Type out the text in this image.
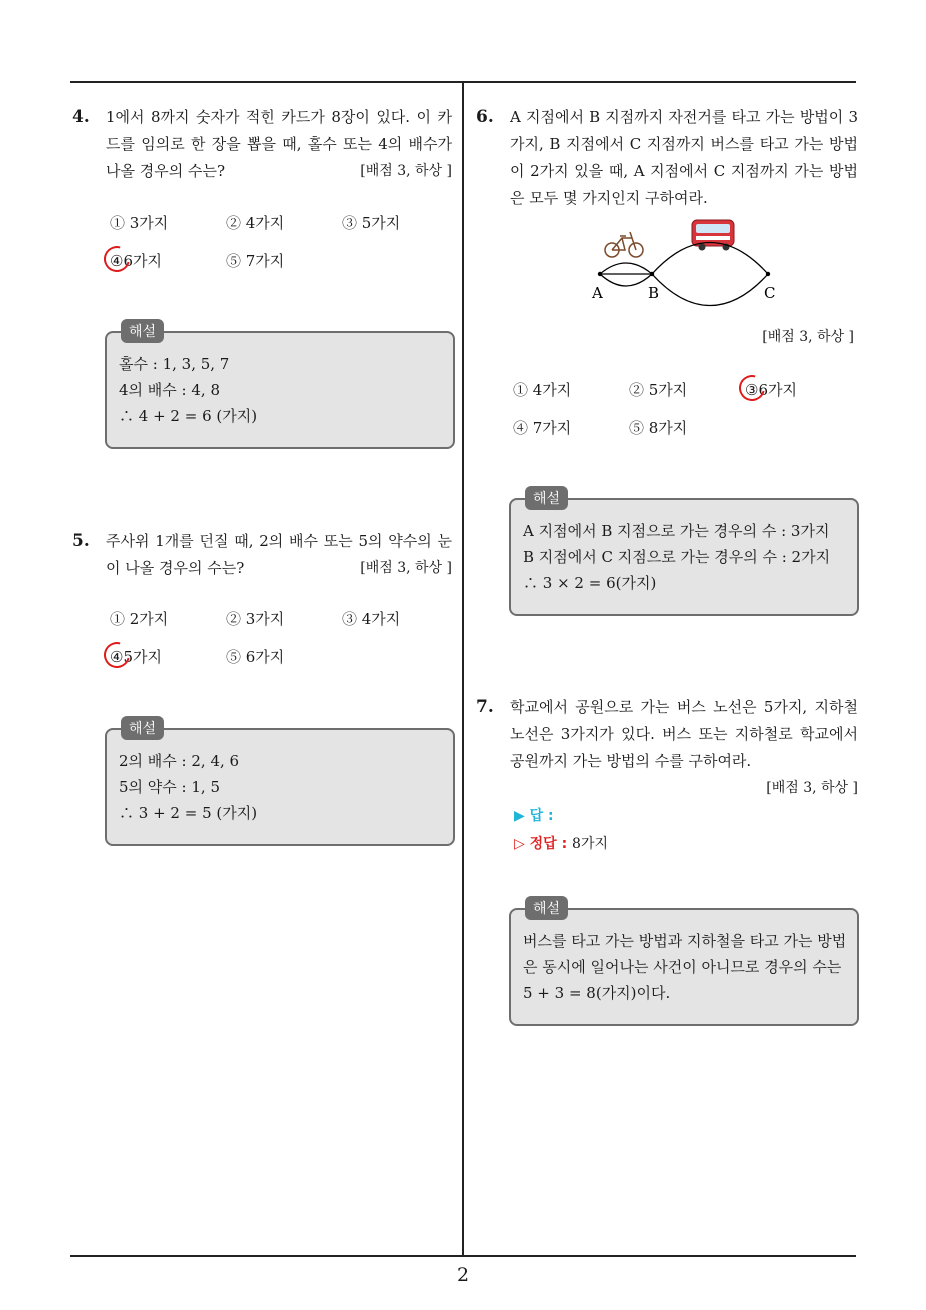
2
4. 1에서 8까지 숫자가 적힌 카드가 8장이 있다. 이 카드를 임의로 한 장을 뽑을 때, 홀수 또는 4의 배수가 나올 경우의 수는?	[배점 3, 하상 ]
① 3가지	② 4가지	③ 5가지
④6가지	⑤ 7가지
해설
홀수 : 1, 3, 5, 7
4의 배수 : 4, 8
∴ 4 + 2 = 6 (가지)
5. 주사위 1개를 던질 때, 2의 배수 또는 5의 약수의 눈이 나올 경우의 수는?	[배점 3, 하상 ]
① 2가지	② 3가지	③ 4가지
④5가지	⑤ 6가지
해설
2의 배수 : 2, 4, 6
5의 약수 : 1, 5
∴ 3 + 2 = 5 (가지)
6. A 지점에서 B 지점까지 자전거를 타고 가는 방법이 3가지, B 지점에서 C 지점까지 버스를 타고 가는 방법이 2가지 있을 때, A 지점에서 C 지점까지 가는 방법은 모두 몇 가지인지 구하여라.
A	B	C
[배점 3, 하상 ]
① 4가지	② 5가지	③6가지
④ 7가지	⑤ 8가지
해설
A 지점에서 B 지점으로 가는 경우의 수 : 3가지
B 지점에서 C 지점으로 가는 경우의 수 : 2가지
∴ 3 × 2 = 6(가지)
7. 학교에서 공원으로 가는 버스 노선은 5가지, 지하철 노선은 3가지가 있다. 버스 또는 지하철로 학교에서 공원까지 가는 방법의 수를 구하여라.
[배점 3, 하상 ]
▶ 답 :
▷ 정답 : 8가지
해설
버스를 타고 가는 방법과 지하철을 타고 가는 방법
은 동시에 일어나는 사건이 아니므로 경우의 수는
5 + 3 = 8(가지)이다.
